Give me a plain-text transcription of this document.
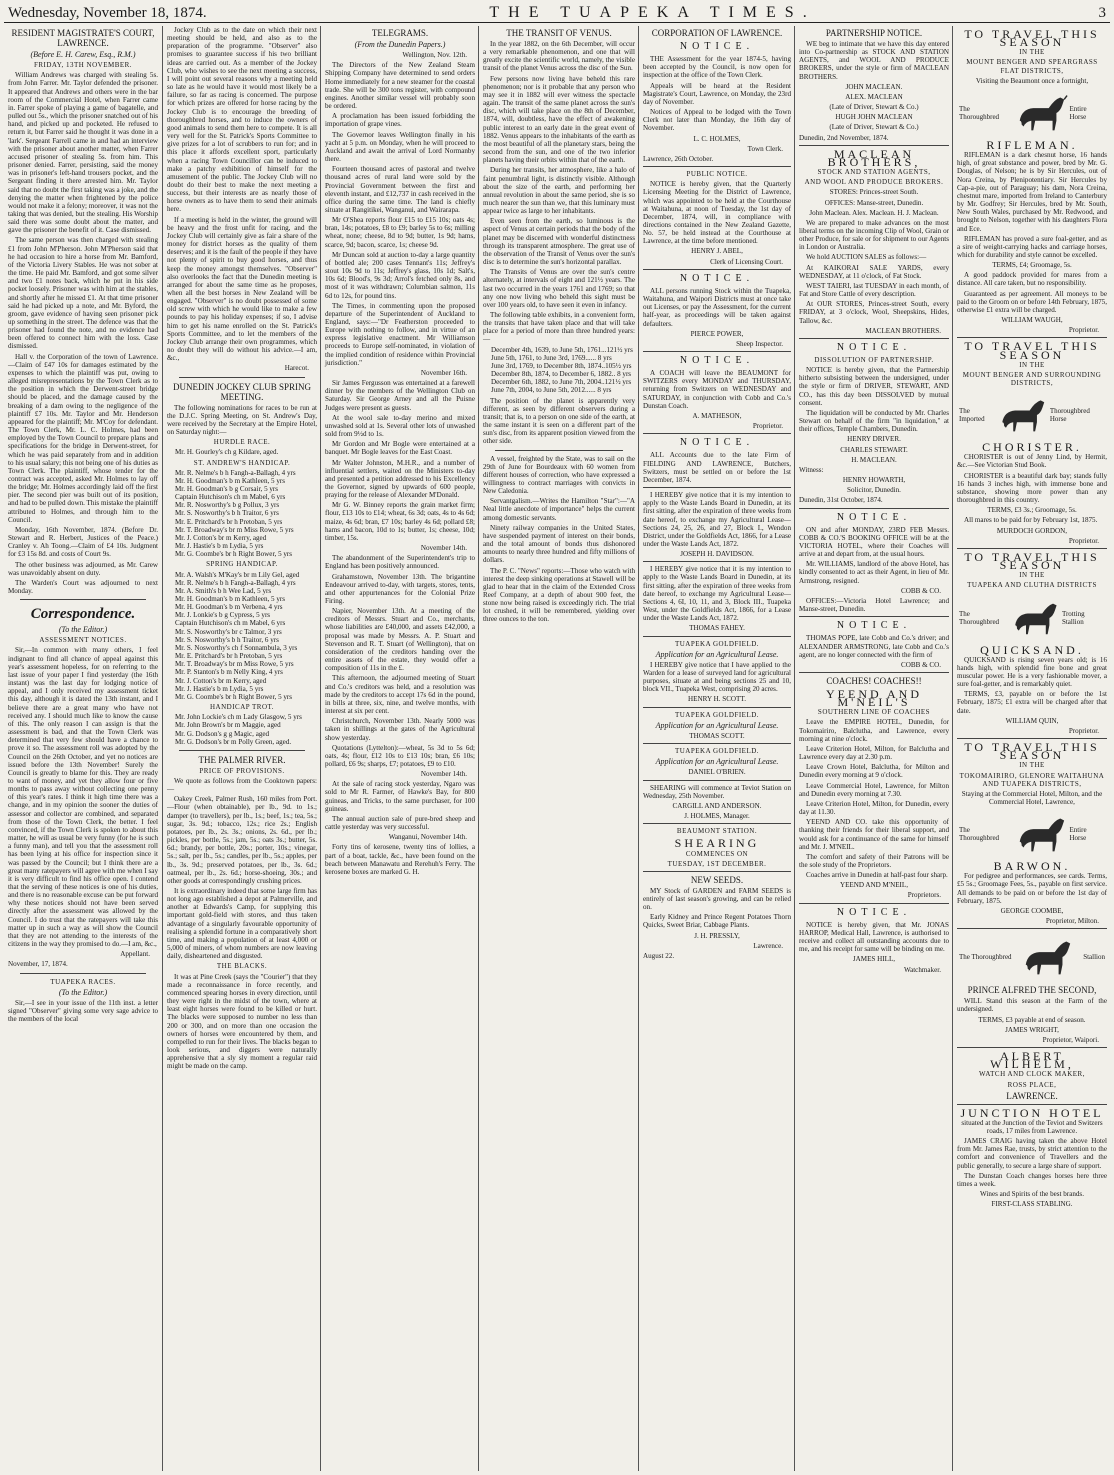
Wednesday, November 18, 1874.	THE TUAPEKA TIMES.	3
RESIDENT MAGISTRATE'S COURT, LAWRENCE.
(Before E. H. Carew, Esq., R.M.)
FRIDAY, 13TH NOVEMBER.

William Andrews was charged with stealing 5s. from John Farrer. Mr. Taylor defended the prisoner. It appeared that Andrews and others were in the bar room of the Commercial Hotel, when Farrer came in. Farrer spoke of playing a game of bagatelle, and pulled out 5s., which the prisoner snatched out of his hand, and picked up and pocketed. He refused to return it, but Farrer said he thought it was done in a 'lark'. Sergeant Farrell came in and had an interview with the prisoner about another matter, when Farrer accused prisoner of stealing 5s. from him. This prisoner denied. Farrer, persisting, said the money was in prisoner's left-hand trousers pocket, and the Sergeant finding it there arrested him. Mr. Taylor said that no doubt the first taking was a joke, and the denying the matter when frightened by the police would not make it a felony; moreover, it was not the taking that was denied, but the stealing. His Worship said there was some doubt about the matter, and gave the prisoner the benefit of it. Case dismissed.

The same person was then charged with stealing £1 from John M'Pherson. John M'Pherson said that he had occasion to hire a horse from Mr. Bamford, of the Victoria Livery Stables. He was not sober at the time. He paid Mr. Bamford, and got some silver and two £1 notes back, which he put in his side pocket loosely. Prisoner was with him at the stables, and shortly after he missed £1. At that time prisoner said he had picked up a note, and Mr. Byford, the groom, gave evidence of having seen prisoner pick up something in the street. The defence was that the prisoner had found the note, and no evidence had been offered to connect him with the loss. Case dismissed.

Hall v. the Corporation of the town of Lawrence.—Claim of £47 10s for damages estimated by the expenses to which the plaintiff was put, owing to alleged misrepresentations by the Town Clerk as to the position in which the Derwent-street bridge should be placed, and the damage caused by the breaking of a dam owing to the negligence of the plaintiff £7 10s. Mr. Taylor and Mr. Henderson appeared for the plaintiff; Mr. M'Coy for defendant. The Town Clerk, Mr. L. C. Holmes, had been employed by the Town Council to prepare plans and specifications for the bridge in Derwent-street, for which he was paid separately from and in addition to his usual salary; this not being one of his duties as Town Clerk. The plaintiff, whose tender for the contract was accepted, asked Mr. Holmes to lay off the bridge; Mr. Holmes accordingly laid off the first pier. The second pier was built out of its position, and had to be pulled down. This mistake the plaintiff attributed to Holmes, and through him to the Council.

Monday, 16th November, 1874. (Before Dr. Stewart and R. Herbert, Justices of the Peace.) Cranley v. Ah Toong.—Claim of £4 10s. Judgment for £3 15s 8d. and costs of Court 9s.

The other business was adjourned, as Mr. Carew was unavoidably absent on duty.

The Warden's Court was adjourned to next Monday.

Correspondence.
(To the Editor.)
ASSESSMENT NOTICES.

Sir,—In common with many others, I feel indignant to find all chance of appeal against this year's assessment hopeless, for on referring to the last issue of your paper I find yesterday (the 16th instant) was the last day for lodging notice of appeal, and I only received my assessment ticket this day, although it is dated the 13th instant, and I believe there are a great many who have not received any. I should much like to know the cause of this. The only reason I can assign is that the assessment is bad, and that the Town Clerk was determined that very few should have a chance to prove it so. The assessment roll was adopted by the Council on the 26th October, and yet no notices are issued before the 13th November! Surely the Council is greatly to blame for this. They are ready to want of money, and yet they allow four or five months to pass away without collecting one penny of this year's rates. I think it high time there was a change, and in my opinion the sooner the duties of assessor and collector are combined, and separated from those of the Town Clerk, the better. I feel convinced, if the Town Clerk is spoken to about this matter, he will as usual be very funny (for he is such a funny man), and tell you that the assessment roll has been lying at his office for inspection since it was passed by the Council; but I think there are a great many ratepayers will agree with me when I say it is very difficult to find his office open. I contend that the serving of these notices is one of his duties, and there is no reasonable excuse can be put forward why these notices should not have been served directly after the assessment was allowed by the Council. I do trust that the ratepayers will take this matter up in such a way as will show the Council that they are not attending to the interests of the citizens in the way they promised to do.—I am, &c.,

Appellant.

November, 17, 1874.

TUAPEKA RACES.
(To the Editor.)

Sir,—I see in your issue of the 11th inst. a letter signed "Observer" giving some very sage advice to the members of the local

Jockey Club as to the date on which their next meeting should be held, and also as to the preparation of the programme. "Observer" also promises to guarantee success if his two brilliant ideas are carried out. As a member of the Jockey Club, who wishes to see the next meeting a success, I will point out several reasons why a meeting held so late as he would have it would most likely be a failure, so far as racing is concerned. The purpose for which prizes are offered for horse racing by the Jockey Club is to encourage the breeding of thoroughbred horses, and to induce the owners of good animals to send them here to compete. It is all very well for the St. Patrick's Sports Committee to give prizes for a lot of scrubbers to run for; and in this place it affords excellent sport, particularly when a racing Town Councillor can be induced to make a patchy exhibition of himself for the amusement of the public. The Jockey Club will no doubt do their best to make the next meeting a success, but their interests are as nearly those of horse owners as to have them to send their animals here.

If a meeting is held in the winter, the ground will be heavy and the frost unfit for racing, and the Jockey Club will certainly give as fair a share of the money for district horses as the quality of them deserves; and it is the fault of the people if they have not plenty of spirit to buy good horses, and thus keep the money amongst themselves. "Observer" also overlooks the fact that the Dunedin meeting is arranged for about the same time as he proposes, when all the best horses in New Zealand will be engaged. "Observer" is no doubt possessed of some old screw with which he would like to make a few pounds to pay his holiday expenses; if so, I advise him to get his name enrolled on the St. Patrick's Sports Committee, and to let the members of the Jockey Club arrange their own programmes, which no doubt they will do without his advice.—I am, &c.,

Harecot.

DUNEDIN JOCKEY CLUB SPRING MEETING.

The following nominations for races to be run at the D.J.C. Spring Meeting, on St. Andrew's Day, were received by the Secretary at the Empire Hotel, on Saturday night:—

HURDLE RACE.
Mr. H. Gourley's ch g Kildare, aged.
ST. ANDREW'S HANDICAP.
Mr. R. Nelme's b h Fangh-a-Ballagh, 4 yrs
Mr. H. Goodman's b m Kathleen, 5 yrs
Mr. H. Goodman's b g Corsair, 5 yrs
Captain Hutchison's ch m Mabel, 6 yrs
Mr. R. Nosworthy's b g Pollux, 3 yrs
Mr. S. Nosworthy's b h Traitor, 6 yrs
Mr. E. Pritchard's br h Pretoban, 5 yrs
Mr. T. Broadway's br m Miss Rowe, 5 yrs
Mr. J. Cotton's br m Kerry, aged
Mr. J. Hastie's b m Lydia, 5 yrs
Mr. G. Coombe's br h Right Bower, 5 yrs
SPRING HANDICAP.
Mr. A. Walsh's M'Kay's br m Lily Gel, aged
Mr. R. Nelme's b h Fangh-a-Ballagh, 4 yrs
Mr. A. Smith's b h Wee Lad, 5 yrs
Mr. H. Goodman's b m Kathleen, 5 yrs
Mr. H. Goodman's b m Verbena, 4 yrs
Mr. J. Lonkie's b g Cypress, 5 yrs
Captain Hutchison's ch m Mabel, 6 yrs
Mr. S. Nosworthy's br c Talmor, 3 yrs
Mr. S. Nosworthy's b h Traitor, 6 yrs
Mr. S. Nosworthy's ch f Sonnambula, 3 yrs
Mr. E. Pritchard's br h Pretoban, 5 yrs
Mr. T. Broadway's br m Miss Rowe, 5 yrs
Mr. P. Stanton's b m Nelly King, 4 yrs
Mr. J. Cotton's br m Kerry, aged
Mr. J. Hastie's b m Lydia, 5 yrs
Mr. G. Coombe's br h Right Bower, 5 yrs
HANDICAP TROT.
Mr. John Lockie's ch m Lady Glasgow, 5 yrs
Mr. John Brown's br m Maggie, aged
Mr. G. Dodson's g g Magic, aged
Mr. G. Dodson's br m Polly Green, aged.
THE PALMER RIVER.
PRICE OF PROVISIONS.

We quote as follows from the Cooktown papers:—

Oakey Creek, Palmer Rush, 160 miles from Port.—Flour (when obtainable), per lb., 9d. to 1s.; damper (to travellers), per lb., 1s.; beef, 1s.; tea, 5s.; sugar, 3s. 9d.; tobacco, 12s.; rice 2s.; English potatoes, per lb., 2s. 3s.; onions, 2s. 6d., per lb.; pickles, per bottle, 5s.; jam, 5s.; oats 3s.; butter, 5s. 6d.; brandy, per bottle, 20s.; porter, 10s.; vinegar, 5s.; salt, per lb., 5s.; candles, per lb., 5s.; apples, per lb., 3s. 9d.; preserved potatoes, per lb., 3s. 6d.; oatmeal, per lb., 2s. 6d.; horse-shoeing, 30s.; and other goods at correspondingly crushing prices.

It is extraordinary indeed that some large firm has not long ago established a depot at Palmerville, and another at Edwards's Camp, for supplying this important gold-field with stores, and thus taken advantage of a singularly favourable opportunity of realising a splendid fortune in a comparatively short time, and making a population of at least 4,000 or 5,000 of miners, of whom numbers are now leaving daily, disheartened and disgusted.

THE BLACKS.

It was at Pine Creek (says the "Courier") that they made a reconnaissance in force recently, and commenced spearing horses in every direction, until they were right in the midst of the town, where at least eight horses were found to be killed or hurt. The blacks were supposed to number no less than 200 or 300, and on more than one occasion the owners of horses were encountered by them, and compelled to run for their lives. The blacks began to look serious, and diggers were naturally apprehensive that a sly sly moment a regular raid might be made on the camp.

TELEGRAMS.
(From the Dunedin Papers.)

Wellington, Nov. 12th.

The Directors of the New Zealand Steam Shipping Company have determined to send orders Home immediately for a new steamer for the coastal trade. She will be 300 tons register, with compound engines. Another similar vessel will probably soon be ordered.

A proclamation has been issued forbidding the importation of grape vines.

The Governor leaves Wellington finally in his yacht at 5 p.m. on Monday, when he will proceed to Auckland and await the arrival of Lord Normanby there.

Fourteen thousand acres of pastoral and twelve thousand acres of rural land were sold by the Provincial Government between the first and eleventh instant, and £12,737 in cash received in the office during the same time. The land is chiefly situate at Rangitikei, Wanganui, and Wairarapa.

Mr O'Shea reports flour £15 to £15 10s; oats 4s; bran, 14s; potatoes, £8 to £9; barley 5s to 6s; milling wheat, none; cheese, 8d to 9d; butter, 1s 9d; hams, scarce, 9d; bacon, scarce, 1s; cheese 9d.

Mr Duncan sold at auction to-day a large quantity of bottled ale; 200 cases Tennant's 11s; Jeffrey's stout 10s 9d to 11s; Jeffrey's glass, 10s 1d; Salt's, 10s 6d; Blood's, 9s 3d; Arrol's fetched only 8s, and most of it was withdrawn; Columbian salmon, 11s 6d to 12s, for pound tins.

The Times, in commenting upon the proposed departure of the Superintendent of Auckland to England, says:—"Dr Featherston proceeded to Europe with nothing to follow, and in virtue of an express legislative enactment. Mr Williamson proceeds to Europe self-nominated, in violation of the implied condition of residence within Provincial jurisdiction."

November 16th.

Sir James Fergusson was entertained at a farewell dinner by the members of the Wellington Club on Saturday. Sir George Arney and all the Puisne Judges were present as guests.

At the wool sale to-day merino and mixed unwashed sold at 1s. Several other lots of unwashed sold from 9½d to 1s.

Mr Gordon and Mr Bogle were entertained at a banquet. Mr Bogle leaves for the East Coast.

Mr Walter Johnston, M.H.R., and a number of influential settlers, waited on the Ministers to-day and presented a petition addressed to his Excellency the Governor, signed by upwards of 600 people, praying for the release of Alexander M'Donald.

Mr G. W. Binney reports the grain market firm; flour, £13 10s to £14; wheat, 6s 3d; oats, 4s to 4s 6d; maize, 4s 6d; bran, £7 10s; barley 4s 6d; pollard £8; hams and bacon, 10d to 1s; butter, 1s; cheese, 10d; timber, 15s.

November 14th.

The abandonment of the Superintendent's trip to England has been positively announced.

Grahamstown, November 13th. The brigantine Endeavour arrived to-day, with targets, stores, tents, and other appurtenances for the Colonial Prize Firing.

Napier, November 13th. At a meeting of the creditors of Messrs. Stuart and Co., merchants, whose liabilities are £40,000, and assets £42,000, a proposal was made by Messrs. A. P. Stuart and Stevenson and R. T. Stuart (of Wellington), that on consideration of the creditors handing over the entire assets of the estate, they would offer a composition of 11s in the £.

This afternoon, the adjourned meeting of Stuart and Co.'s creditors was held, and a resolution was made by the creditors to accept 17s 6d in the pound, in bills at three, six, nine, and twelve months, with interest at six per cent.

Christchurch, November 13th. Nearly 5000 was taken in shillings at the gates of the Agricultural show yesterday.

Quotations (Lyttelton):—wheat, 5s 3d to 5s 6d; oats, 4s; flour, £12 10s to £13 10s; bran, £6 10s; pollard, £6 9s; sharps, £7; potatoes, £9 to £10.

November 14th.

At the sale of racing stock yesterday, Ngaro was sold to Mr R. Farmer, of Hawke's Bay, for 800 guineas, and Tricks, to the same purchaser, for 100 guineas.

The annual auction sale of pure-bred sheep and cattle yesterday was very successful.

Wanganui, November 14th.

Forty tins of kerosene, twenty tins of lollies, a part of a boat, tackle, &c., have been found on the beach between Manawatu and Rerehuh's Ferry. The kerosene boxes are marked G. H.

THE TRANSIT OF VENUS.

In the year 1882, on the 6th December, will occur a very remarkable phenomenon, and one that will greatly excite the scientific world, namely, the visible transit of the planet Venus across the disc of the Sun.

Few persons now living have beheld this rare phenomenon; nor is it probable that any person who may see it in 1882 will ever witness the spectacle again. The transit of the same planet across the sun's disc, which will take place on the 8th of December, 1874, will, doubtless, have the effect of awakening public interest to an early date in the great event of 1882. Venus appears to the inhabitants of the earth as the most beautiful of all the planetary stars, being the second from the sun, and one of the two inferior planets having their orbits within that of the earth.

During her transits, her atmosphere, like a halo of faint penumbral light, is distinctly visible. Although about the size of the earth, and performing her annual revolution in about the same period, she is so much nearer the sun than we, that this luminary must appear twice as large to her inhabitants.

Even seen from the earth, so luminous is the aspect of Venus at certain periods that the body of the planet may be discerned with wonderful distinctness through its transparent atmosphere. The great use of the observation of the Transit of Venus over the sun's disc is to determine the sun's horizontal parallax.

The Transits of Venus are over the sun's centre alternately, at intervals of eight and 121½ years. The last two occurred in the years 1761 and 1769; so that any one now living who beheld this sight must be over 100 years old, to have seen it even in infancy.

The following table exhibits, in a convenient form, the transits that have taken place and that will take place for a period of more than three hundred years:—

December 4th, 1639, to June 5th, 1761...121½ yrs
June 5th, 1761, to June 3rd, 1769...... 8 yrs
June 3rd, 1769, to December 8th, 1874..105½ yrs
December 8th, 1874, to December 6, 1882.. 8 yrs
December 6th, 1882, to June 7th, 2004..121½ yrs
June 7th, 2004, to June 5th, 2012...... 8 yrs

The position of the planet is apparently very different, as seen by different observers during a transit; that is, to a person on one side of the earth, at the same instant it is seen on a different part of the sun's disc, from its apparent position viewed from the other side.

A vessel, freighted by the State, was to sail on the 29th of June for Bourdeaux with 60 women from different houses of correction, who have expressed a willingness to contract marriages with convicts in New Caledonia.

Servantgalism.—Writes the Hamilton "Star":—"A Neal little anecdote of importance" helps the current among domestic servants.

Ninety railway companies in the United States, have suspended payment of interest on their bonds, and the total amount of bonds thus dishonored amounts to nearly three hundred and fifty millions of dollars.

The P. C. "News" reports:—Those who watch with interest the deep sinking operations at Stawell will be glad to hear that in the claim of the Extended Cross Reef Company, at a depth of about 900 feet, the stone now being raised is exceedingly rich. The trial lot crushed, it will be remembered, yielding over three ounces to the ton.

CORPORATION OF LAWRENCE.
NOTICE.

THE Assessment for the year 1874-5, having been accepted by the Council, is now open for inspection at the office of the Town Clerk.

Appeals will be heard at the Resident Magistrate's Court, Lawrence, on Monday, the 23rd day of November.

Notices of Appeal to be lodged with the Town Clerk not later than Monday, the 16th day of November.

L. C. HOLMES,

Town Clerk.

Lawrence, 26th October.

PUBLIC NOTICE.

NOTICE is hereby given, that the Quarterly Licensing Meeting for the District of Lawrence, which was appointed to be held at the Courthouse at Waitahuna, at noon of Tuesday, the 1st day of December, 1874, will, in compliance with directions contained in the New Zealand Gazette, No. 57, be held instead at the Courthouse at Lawrence, at the time before mentioned.

HENRY J. ABEL,

Clerk of Licensing Court.

NOTICE.

ALL persons running Stock within the Tuapeka, Waitahuna, and Waipori Districts must at once take out Licenses, or pay the Assessment, for the current half-year, as proceedings will be taken against defaulters.

PIERCE POWER,

Sheep Inspector.

NOTICE.

A COACH will leave the BEAUMONT for SWITZERS every MONDAY and THURSDAY, returning from Switzers on WEDNESDAY and SATURDAY, in conjunction with Cobb and Co.'s Dunstan Coach.

A. MATHESON,

Proprietor.

NOTICE.

ALL Accounts due to the late Firm of FIELDING AND LAWRENCE, Butchers, Switzers, must be settled on or before the 1st December, 1874.

I HEREBY give notice that it is my intention to apply to the Waste Lands Board in Dunedin, at its first sitting, after the expiration of three weeks from date hereof, to exchange my Agricultural Lease—Sections 24, 25, 26, and 27, Block I., Wendon District, under the Goldfields Act, 1866, for a Lease under the Waste Lands Act, 1872.

JOSEPH H. DAVIDSON.

I HEREBY give notice that it is my intention to apply to the Waste Lands Board in Dunedin, at its first sitting, after the expiration of three weeks from date hereof, to exchange my Agricultural Lease—Sections 4, 6I, 10, 11, and 3, Block III., Tuapeka West, under the Goldfields Act, 1866, for a Lease under the Waste Lands Act, 1872.

THOMAS FAHEY.

TUAPEKA GOLDFIELD.
Application for an Agricultural Lease.

I HEREBY give notice that I have applied to the Warden for a lease of surveyed land for agricultural purposes, situate at and being sections 25 and 10, block VII., Tuapeka West, comprising 20 acres.

HENRY H. SCOTT.

TUAPEKA GOLDFIELD.
Application for an Agricultural Lease.

THOMAS SCOTT.

TUAPEKA GOLDFIELD.
Application for an Agricultural Lease.

DANIEL O'BRIEN.

SHEARING will commence at Teviot Station on Wednesday, 25th November.

CARGILL AND ANDERSON.

J. HOLMES, Manager.

BEAUMONT STATION.
SHEARING
COMMENCES ON
TUESDAY, 1ST DECEMBER.
NEW SEEDS.

MY Stock of GARDEN and FARM SEEDS is entirely of last season's growing, and can be relied on.

Early Kidney and Prince Regent Potatoes Thorn Quicks, Sweet Briar, Cabbage Plants.

J. H. PRESSLY,

Lawrence.

August 22.

PARTNERSHIP NOTICE.

WE beg to intimate that we have this day entered into Co-partnership as STOCK AND STATION AGENTS, and WOOL AND PRODUCE BROKERS, under the style or firm of MACLEAN BROTHERS.

JOHN MACLEAN.

ALEX. MACLEAN

(Late of Driver, Stewart & Co.)

HUGH JOHN MACLEAN

(Late of Driver, Stewart & Co.)

Dunedin, 2nd November, 1874.

MACLEAN BROTHERS,
STOCK AND STATION AGENTS,
AND WOOL AND PRODUCE BROKERS.

STORES: Princes-street South.

OFFICES: Manse-street, Dunedin.

John Maclean. Alex. Maclean. H. J. Maclean.

We are prepared to make advances on the most liberal terms on the incoming Clip of Wool, Grain or other Produce, for sale or for shipment to our Agents in London or Australia.

We hold AUCTION SALES as follows:—

At KAIKORAI SALE YARDS, every WEDNESDAY, at 11 o'clock, of Fat Stock.

WEST TAIERI, last TUESDAY in each month, of Fat and Store Cattle of every description.

At OUR STORES, Princes-street South, every FRIDAY, at 3 o'clock, Wool, Sheepskins, Hides, Tallow, &c.

MACLEAN BROTHERS.

NOTICE.
DISSOLUTION OF PARTNERSHIP.

NOTICE is hereby given, that the Partnership hitherto subsisting between the undersigned, under the style or firm of DRIVER, STEWART, AND CO., has this day been DISSOLVED by mutual consent.

The liquidation will be conducted by Mr. Charles Stewart on behalf of the firm "in liquidation," at their offices, Temple Chambers, Dunedin.

HENRY DRIVER.

CHARLES STEWART.

H. MACLEAN.

Witness:

HENRY HOWARTH,

Solicitor, Dunedin.

Dunedin, 31st October, 1874.

NOTICE.

ON and after MONDAY, 23RD FEB Messrs. COBB & CO.'S BOOKING OFFICE will be at the VICTORIA HOTEL, where their Coaches will arrive at and depart from, at the usual hours.

Mr. WILLIAMS, landlord of the above Hotel, has kindly consented to act as their Agent, in lieu of Mr. Armstrong, resigned.

COBB & CO.

OFFICES:—Victoria Hotel Lawrence; and Manse-street, Dunedin.

NOTICE.

THOMAS POPE, late Cobb and Co.'s driver; and ALEXANDER ARMSTRONG, late Cobb and Co.'s agent, are no longer connected with the firm of

COBB & CO.

COACHES! COACHES!!
YEEND AND M'NEIL'S
SOUTHERN LINE OF COACHES

Leave the EMPIRE HOTEL, Dunedin, for Tokomairiro, Balclutha, and Lawrence, every morning at nine o'clock.

Leave Criterion Hotel, Milton, for Balclutha and Lawrence every day at 2.30 p.m.

Leave Crown Hotel, Balclutha, for Milton and Dunedin every morning at 9 o'clock.

Leave Commercial Hotel, Lawrence, for Milton and Dunedin every morning at 7.30.

Leave Criterion Hotel, Milton, for Dunedin, every day at 11.30.

YEEND AND CO. take this opportunity of thanking their friends for their liberal support, and would ask for a continuance of the same for himself and Mr. J. M'NEIL.

The comfort and safety of their Patrons will be the sole study of the Proprietors.

Coaches arrive in Dunedin at half-past four sharp.

YEEND AND M'NEIL,

Proprietors.

NOTICE.

NOTICE is hereby given, that Mr. JONAS HARROP, Medical Hall, Lawrence, is authorised to receive and collect all outstanding accounts due to me, and his receipt for same will be binding on me.

JAMES HILL,

Watchmaker.

TO TRAVEL THIS SEASON
IN THE
MOUNT BENGER AND SPEARGRASS FLAT DISTRICTS,

Visiting the Beaumont once a fortnight,

The Thoroughbred
Entire Horse
RIFLEMAN.

RIFLEMAN is a dark chesnut horse, 16 hands high, of great substance and power, bred by Mr. G. Douglas, of Nelson; he is by Sir Hercules, out of Nora Creina, by Plenipotentiary. Sir Hercules by Cap-a-pie, out of Paraguay; his dam, Nora Creina, chestnut mare, imported from Ireland to Canterbury by Mr. Godfrey; Sir Hercules, bred by Mr. South, New South Wales, purchased by Mr. Redwood, and brought to Nelson, together with his daughters Flora and Ece.

RIFLEMAN has proved a sure foal-getter, and as a sire of weight-carrying hacks and carriage horses, which for durability and style cannot be excelled.

TERMS, £4; Groomage, 5s.

A good paddock provided for mares from a distance. All care taken, but no responsibility.

Guaranteed as per agreement. All moneys to be paid to the Groom on or before 14th February, 1875, otherwise £1 extra will be charged.

WILLIAM WAUGH,

Proprietor.

TO TRAVEL THIS SEASON
IN THE
MOUNT BENGER AND SURROUNDING DISTRICTS,
The Imported
Thoroughbred Horse
CHORISTER.

CHORISTER is out of Jenny Lind, by Hermit, &c.—See Victorian Stud Book.

CHORISTER is a beautiful dark bay; stands fully 16 hands 3 inches high, with immense bone and substance, showing more power than any thoroughbred in this country.

TERMS, £3 3s.; Groomage, 5s.

All mares to be paid for by February 1st, 1875.

MURDOCH GORDON,

Proprietor.

TO TRAVEL THIS SEASON
IN THE
TUAPEKA AND CLUTHA DISTRICTS
The Thoroughbred
Trotting Stallion
QUICKSAND.

QUICKSAND is rising seven years old; is 16 hands high, with splendid fine bone and great muscular power. He is a very fashionable mover, a sure foal-getter, and is remarkably quiet.

TERMS, £3, payable on or before the 1st February, 1875; £1 extra will be charged after that date.

WILLIAM QUIN,

Proprietor.

TO TRAVEL THIS SEASON
IN THE
TOKOMAIRIRO, GLENORE WAITAHUNA AND TUAPEKA DISTRICTS,

Staying at the Commercial Hotel, Milton, and the Commercial Hotel, Lawrence,

The Thoroughbred
Entire Horse
BARWON.

For pedigree and performances, see cards. Terms, £5 5s.; Groomage Fees, 5s., payable on first service. All demands to be paid on or before the 1st day of February, 1875.

GEORGE COOMBE,

Proprietor, Milton.

The Thoroughbred	Stallion
PRINCE ALFRED THE SECOND,

WILL Stand this season at the Farm of the undersigned.

TERMS, £3 payable at end of season.

JAMES WRIGHT,

Proprietor, Waipori.

ALBERT WILHELM,
WATCH AND CLOCK MAKER,
ROSS PLACE,
LAWRENCE.
JUNCTION HOTEL

situated at the Junction of the Teviot and Switzers roads, 17 miles from Lawrence.

JAMES CRAIG having taken the above Hotel from Mr. James Rae, trusts, by strict attention to the comfort and convenience of Travellers and the public generally, to secure a large share of support.

The Dunstan Coach changes horses here three times a week.

Wines and Spirits of the best brands.

FIRST-CLASS STABLING.
